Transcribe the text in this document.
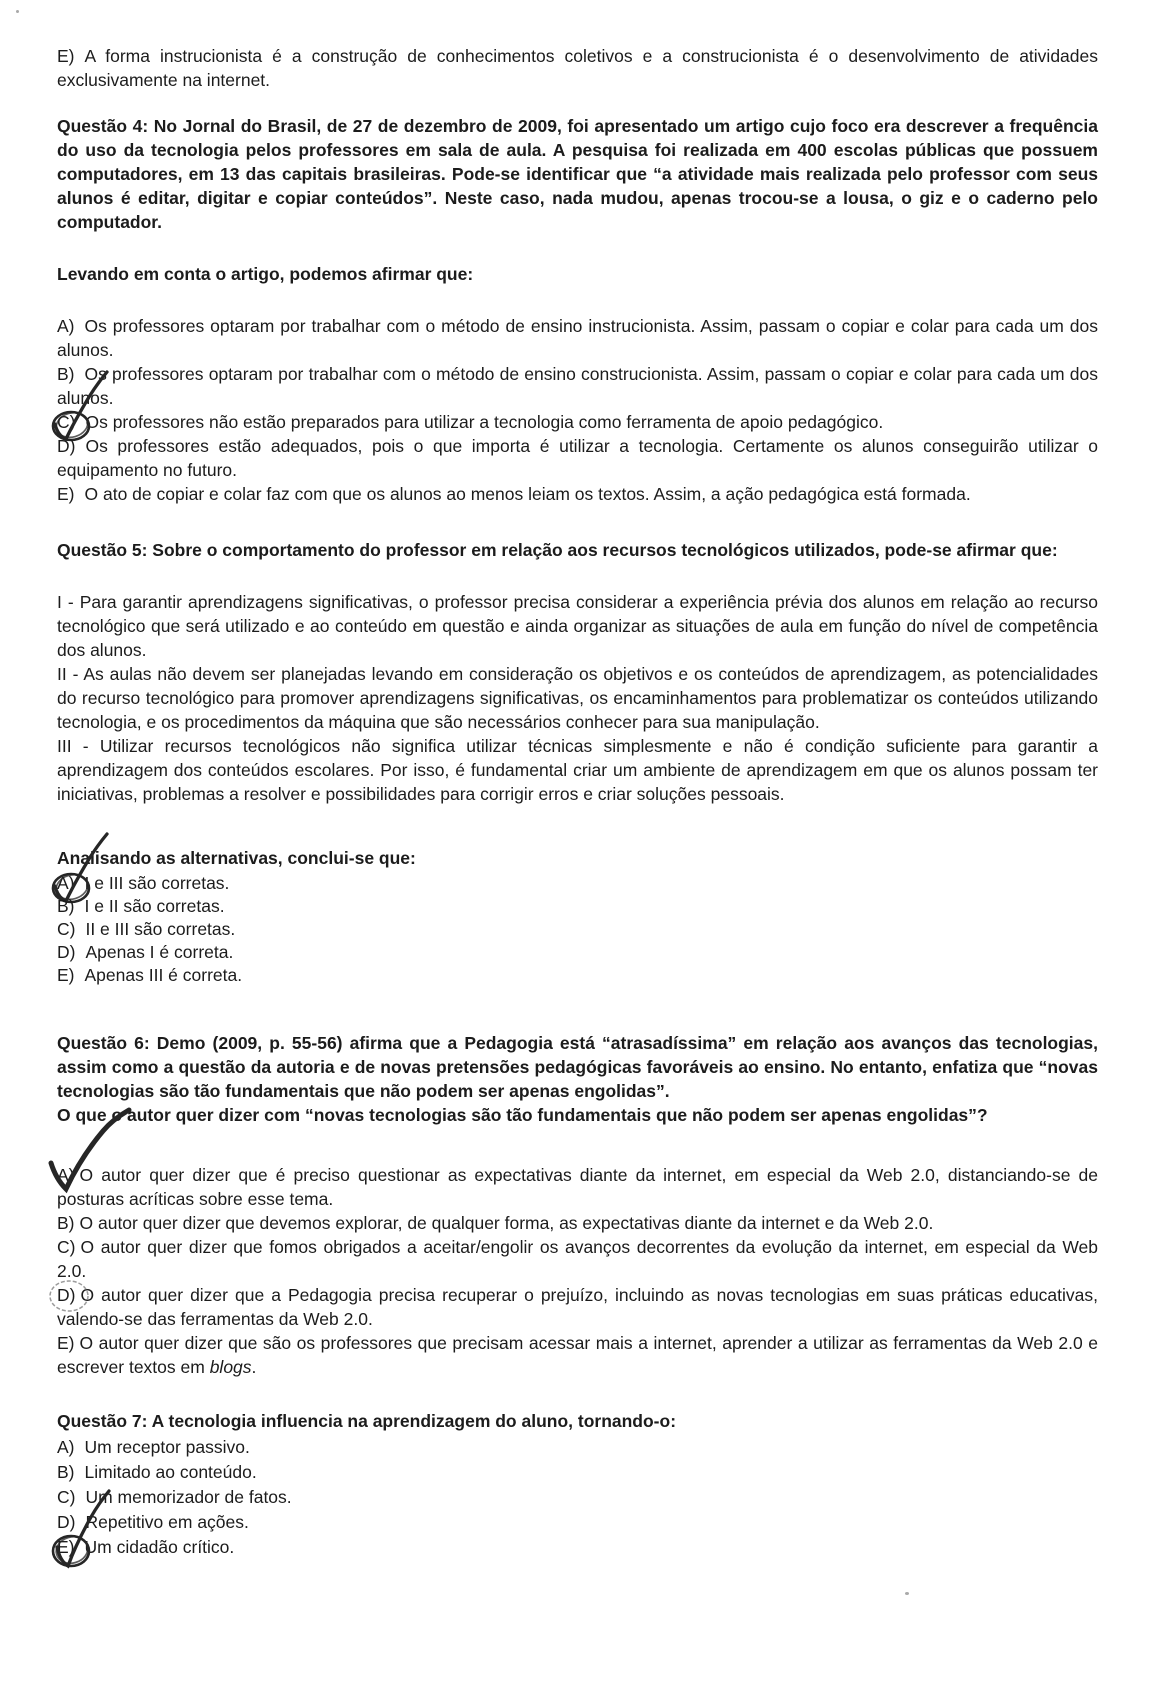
E) A forma instrucionista é a construção de conhecimentos coletivos e a construcionista é o desenvolvimento de atividades exclusivamente na internet.

Questão 4: No Jornal do Brasil, de 27 de dezembro de 2009, foi apresentado um artigo cujo foco era descrever a frequência do uso da tecnologia pelos professores em sala de aula. A pesquisa foi realizada em 400 escolas públicas que possuem computadores, em 13 das capitais brasileiras. Pode-se identificar que “a atividade mais realizada pelo professor com seus alunos é editar, digitar e copiar conteúdos”. Neste caso, nada mudou, apenas trocou-se a lousa, o giz e o caderno pelo computador.

Levando em conta o artigo, podemos afirmar que:

A) Os professores optaram por trabalhar com o método de ensino instrucionista. Assim, passam o copiar e colar para cada um dos alunos.

B) Os professores optaram por trabalhar com o método de ensino construcionista. Assim, passam o copiar e colar para cada um dos alunos.

C) Os professores não estão preparados para utilizar a tecnologia como ferramenta de apoio pedagógico.

D) Os professores estão adequados, pois o que importa é utilizar a tecnologia. Certamente os alunos conseguirão utilizar o equipamento no futuro.

E) O ato de copiar e colar faz com que os alunos ao menos leiam os textos. Assim, a ação pedagógica está formada.

Questão 5: Sobre o comportamento do professor em relação aos recursos tecnológicos utilizados, pode-se afirmar que:

I - Para garantir aprendizagens significativas, o professor precisa considerar a experiência prévia dos alunos em relação ao recurso tecnológico que será utilizado e ao conteúdo em questão e ainda organizar as situações de aula em função do nível de competência dos alunos.

II - As aulas não devem ser planejadas levando em consideração os objetivos e os conteúdos de aprendizagem, as potencialidades do recurso tecnológico para promover aprendizagens significativas, os encaminhamentos para problematizar os conteúdos utilizando tecnologia, e os procedimentos da máquina que são necessários conhecer para sua manipulação.

III - Utilizar recursos tecnológicos não significa utilizar técnicas simplesmente e não é condição suficiente para garantir a aprendizagem dos conteúdos escolares. Por isso, é fundamental criar um ambiente de aprendizagem em que os alunos possam ter iniciativas, problemas a resolver e possibilidades para corrigir erros e criar soluções pessoais.

Analisando as alternativas, conclui-se que:

A) I e III são corretas.

B) I e II são corretas.

C) II e III são corretas.

D) Apenas I é correta.

E) Apenas III é correta.

Questão 6: Demo (2009, p. 55-56) afirma que a Pedagogia está “atrasadíssima” em relação aos avanços das tecnologias, assim como a questão da autoria e de novas pretensões pedagógicas favoráveis ao ensino. No entanto, enfatiza que “novas tecnologias são tão fundamentais que não podem ser apenas engolidas”.

O que o autor quer dizer com “novas tecnologias são tão fundamentais que não podem ser apenas engolidas”?

A) O autor quer dizer que é preciso questionar as expectativas diante da internet, em especial da Web 2.0, distanciando-se de posturas acríticas sobre esse tema.

B) O autor quer dizer que devemos explorar, de qualquer forma, as expectativas diante da internet e da Web 2.0.

C) O autor quer dizer que fomos obrigados a aceitar/engolir os avanços decorrentes da evolução da internet, em especial da Web 2.0.

D) O autor quer dizer que a Pedagogia precisa recuperar o prejuízo, incluindo as novas tecnologias em suas práticas educativas, valendo-se das ferramentas da Web 2.0.

E) O autor quer dizer que são os professores que precisam acessar mais a internet, aprender a utilizar as ferramentas da Web 2.0 e escrever textos em blogs.

Questão 7: A tecnologia influencia na aprendizagem do aluno, tornando-o:

A) Um receptor passivo.

B) Limitado ao conteúdo.

C) Um memorizador de fatos.

D) Repetitivo em ações.

E) Um cidadão crítico.
